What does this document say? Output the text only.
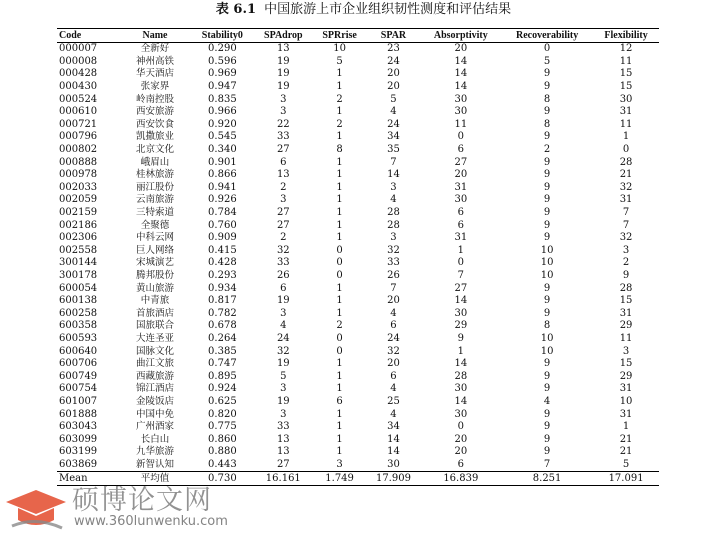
表 6.1 中国旅游上市企业组织韧性测度和评估结果
Code	Name	Stability0	SPAdrop	SPRrise	SPAR	Absorptivity	Recoverability	Flexibility
000007	全新好	0.290	13	10	23	20	0	12
000008	神州高铁	0.596	19	5	24	14	5	11
000428	华天酒店	0.969	19	1	20	14	9	15
000430	张家界	0.947	19	1	20	14	9	15
000524	岭南控股	0.835	3	2	5	30	8	30
000610	西安旅游	0.966	3	1	4	30	9	31
000721	西安饮食	0.920	22	2	24	11	8	11
000796	凯撒旅业	0.545	33	1	34	0	9	1
000802	北京文化	0.340	27	8	35	6	2	0
000888	峨眉山	0.901	6	1	7	27	9	28
000978	桂林旅游	0.866	13	1	14	20	9	21
002033	丽江股份	0.941	2	1	3	31	9	32
002059	云南旅游	0.926	3	1	4	30	9	31
002159	三特索道	0.784	27	1	28	6	9	7
002186	全聚德	0.760	27	1	28	6	9	7
002306	中科云网	0.909	2	1	3	31	9	32
002558	巨人网络	0.415	32	0	32	1	10	3
300144	宋城演艺	0.428	33	0	33	0	10	2
300178	腾邦股份	0.293	26	0	26	7	10	9
600054	黄山旅游	0.934	6	1	7	27	9	28
600138	中青旅	0.817	19	1	20	14	9	15
600258	首旅酒店	0.782	3	1	4	30	9	31
600358	国旅联合	0.678	4	2	6	29	8	29
600593	大连圣亚	0.264	24	0	24	9	10	11
600640	国脉文化	0.385	32	0	32	1	10	3
600706	曲江文旅	0.747	19	1	20	14	9	15
600749	西藏旅游	0.895	5	1	6	28	9	29
600754	锦江酒店	0.924	3	1	4	30	9	31
601007	金陵饭店	0.625	19	6	25	14	4	10
601888	中国中免	0.820	3	1	4	30	9	31
603043	广州酒家	0.775	33	1	34	0	9	1
603099	长白山	0.860	13	1	14	20	9	21
603199	九华旅游	0.880	13	1	14	20	9	21
603869	新智认知	0.443	27	3	30	6	7	5
Mean	平均值	0.730	16.161	1.749	17.909	16.839	8.251	17.091
硕博论文网
www.360lunwenku.com
